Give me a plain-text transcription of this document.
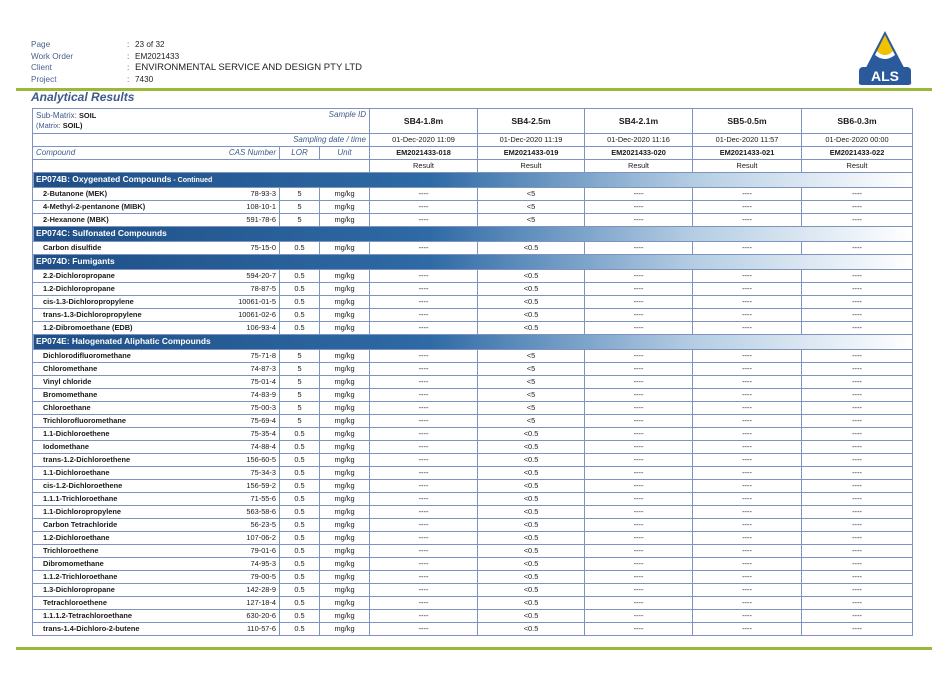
Page	: 23 of 32
Work Order	: EM2021433
Client	: ENVIRONMENTAL SERVICE AND DESIGN PTY LTD
Project	: 7430	ALS
Analytical Results
Sub-Matrix: SOIL
(Matrix: SOIL)		Sample ID		SB4-1.8m	SB4-2.5m	SB4-2.1m	SB5-0.5m	SB6-0.3m
Sampling date / time				01-Dec-2020 11:09	01-Dec-2020 11:19	01-Dec-2020 11:16	01-Dec-2020 11:57	01-Dec-2020 00:00
Compound	CAS Number	LOR	Unit	EM2021433-018	EM2021433-019	EM2021433-020	EM2021433-021	EM2021433-022
				Result	Result	Result	Result	Result
EP074B: Oxygenated Compounds - Continued								
2-Butanone (MEK)	78-93-3	5	mg/kg	----	<5	----	----	----
4-Methyl-2-pentanone (MIBK)	108-10-1	5	mg/kg	----	<5	----	----	----
2-Hexanone (MBK)	591-78-6	5	mg/kg	----	<5	----	----	----
EP074C: Sulfonated Compounds								
Carbon disulfide	75-15-0	0.5	mg/kg	----	<0.5	----	----	----
EP074D: Fumigants								
2.2-Dichloropropane	594-20-7	0.5	mg/kg	----	<0.5	----	----	----
1.2-Dichloropropane	78-87-5	0.5	mg/kg	----	<0.5	----	----	----
cis-1.3-Dichloropropylene	10061-01-5	0.5	mg/kg	----	<0.5	----	----	----
trans-1.3-Dichloropropylene	10061-02-6	0.5	mg/kg	----	<0.5	----	----	----
1.2-Dibromoethane (EDB)	106-93-4	0.5	mg/kg	----	<0.5	----	----	----
EP074E: Halogenated Aliphatic Compounds								
Dichlorodifluoromethane	75-71-8	5	mg/kg	----	<5	----	----	----
Chloromethane	74-87-3	5	mg/kg	----	<5	----	----	----
Vinyl chloride	75-01-4	5	mg/kg	----	<5	----	----	----
Bromomethane	74-83-9	5	mg/kg	----	<5	----	----	----
Chloroethane	75-00-3	5	mg/kg	----	<5	----	----	----
Trichlorofluoromethane	75-69-4	5	mg/kg	----	<5	----	----	----
1.1-Dichloroethene	75-35-4	0.5	mg/kg	----	<0.5	----	----	----
Iodomethane	74-88-4	0.5	mg/kg	----	<0.5	----	----	----
trans-1.2-Dichloroethene	156-60-5	0.5	mg/kg	----	<0.5	----	----	----
1.1-Dichloroethane	75-34-3	0.5	mg/kg	----	<0.5	----	----	----
cis-1.2-Dichloroethene	156-59-2	0.5	mg/kg	----	<0.5	----	----	----
1.1.1-Trichloroethane	71-55-6	0.5	mg/kg	----	<0.5	----	----	----
1.1-Dichloropropylene	563-58-6	0.5	mg/kg	----	<0.5	----	----	----
Carbon Tetrachloride	56-23-5	0.5	mg/kg	----	<0.5	----	----	----
1.2-Dichloroethane	107-06-2	0.5	mg/kg	----	<0.5	----	----	----
Trichloroethene	79-01-6	0.5	mg/kg	----	<0.5	----	----	----
Dibromomethane	74-95-3	0.5	mg/kg	----	<0.5	----	----	----
1.1.2-Trichloroethane	79-00-5	0.5	mg/kg	----	<0.5	----	----	----
1.3-Dichloropropane	142-28-9	0.5	mg/kg	----	<0.5	----	----	----
Tetrachloroethene	127-18-4	0.5	mg/kg	----	<0.5	----	----	----
1.1.1.2-Tetrachloroethane	630-20-6	0.5	mg/kg	----	<0.5	----	----	----
trans-1.4-Dichloro-2-butene	110-57-6	0.5	mg/kg	----	<0.5	----	----	----
